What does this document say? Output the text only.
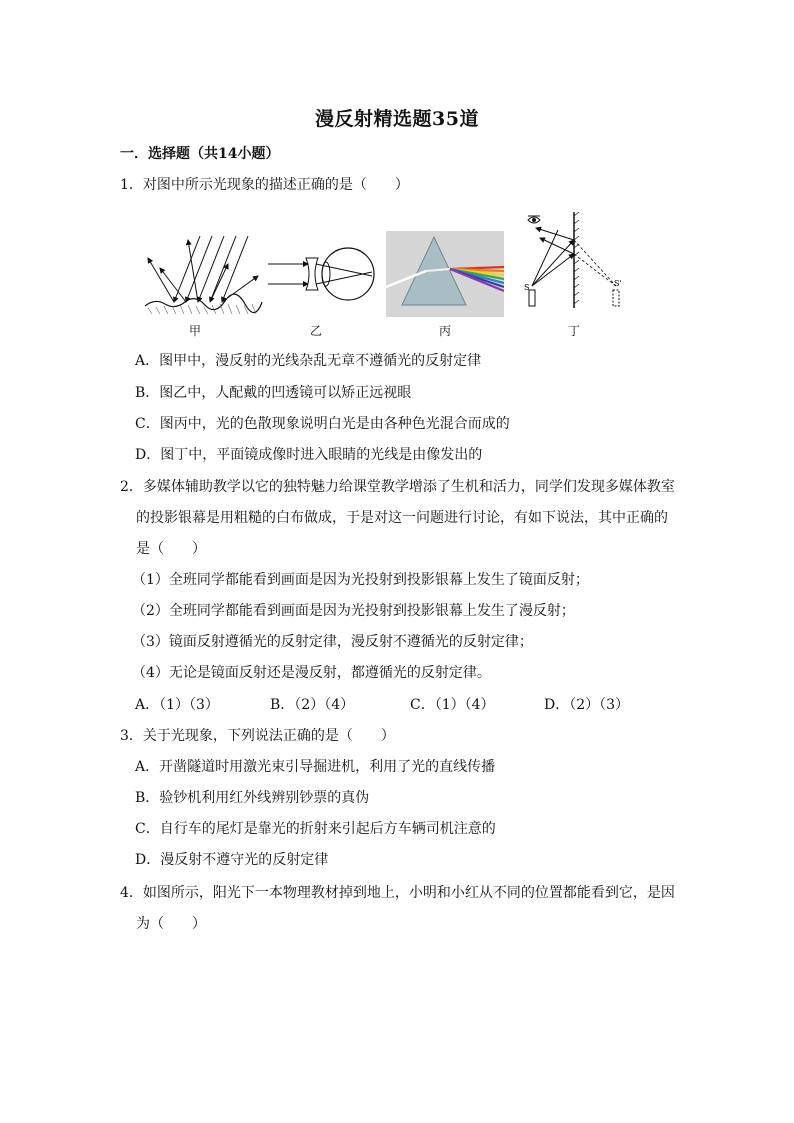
漫反射精选题35道
一．选择题（共14小题）
1．对图中所示光现象的描述正确的是（　　）
甲	乙	丙
S	S'
丁
A．图甲中，漫反射的光线杂乱无章不遵循光的反射定律
B．图乙中，人配戴的凹透镜可以矫正远视眼
C．图丙中，光的色散现象说明白光是由各种色光混合而成的
D．图丁中，平面镜成像时进入眼睛的光线是由像发出的
2．多媒体辅助教学以它的独特魅力给课堂教学增添了生机和活力，同学们发现多媒体教室
的投影银幕是用粗糙的白布做成，于是对这一问题进行讨论，有如下说法，其中正确的
是（　　）
（1）全班同学都能看到画面是因为光投射到投影银幕上发生了镜面反射；
（2）全班同学都能看到画面是因为光投射到投影银幕上发生了漫反射；
（3）镜面反射遵循光的反射定律，漫反射不遵循光的反射定律；
（4）无论是镜面反射还是漫反射，都遵循光的反射定律。
A．（1）（3）	B．（2）（4）	C．（1）（4）	D．（2）（3）
3．关于光现象，下列说法正确的是（　　）
A．开凿隧道时用激光束引导掘进机，利用了光的直线传播
B．验钞机利用红外线辨别钞票的真伪
C．自行车的尾灯是靠光的折射来引起后方车辆司机注意的
D．漫反射不遵守光的反射定律
4．如图所示，阳光下一本物理教材掉到地上，小明和小红从不同的位置都能看到它，是因
为（　　）
